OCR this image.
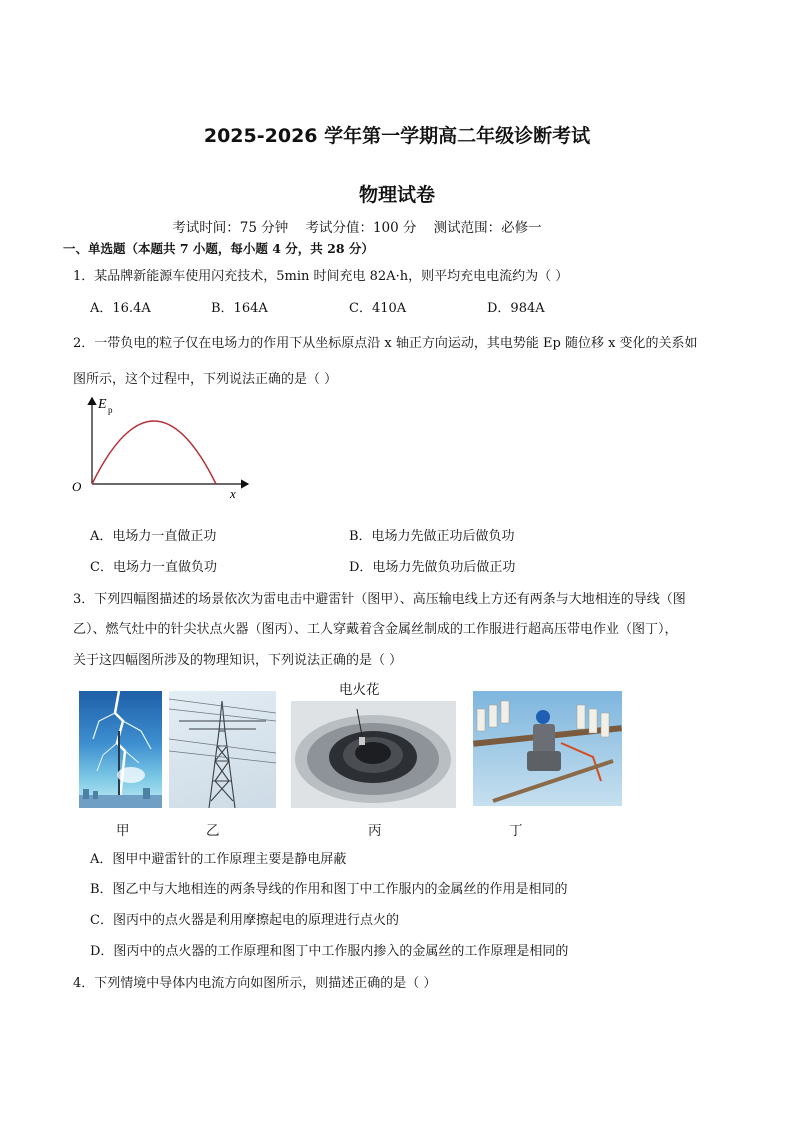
2025-2026 学年第一学期高二年级诊断考试
物理试卷
考试时间：75 分钟    考试分值：100 分    测试范围：必修一
一、单选题（本题共 7 小题，每小题 4 分，共 28 分）
1．某品牌新能源车使用闪充技术，5min 时间充电 82A·h，则平均充电电流约为（ ）
A．16.4A	B．164A	C．410A	D．984A
2．一带负电的粒子仅在电场力的作用下从坐标原点沿 x 轴正方向运动，其电势能 Ep 随位移 x 变化的关系如
图所示，这个过程中，下列说法正确的是（ ）
E p
x
O
A．电场力一直做正功	B．电场力先做正功后做负功
C．电场力一直做负功	D．电场力先做负功后做正功
3．下列四幅图描述的场景依次为雷电击中避雷针（图甲）、高压输电线上方还有两条与大地相连的导线（图
乙）、燃气灶中的针尖状点火器（图丙）、工人穿戴着含金属丝制成的工作服进行超高压带电作业（图丁），
关于这四幅图所涉及的物理知识，下列说法正确的是（ ）
电火花
甲	乙	丙	丁
A．图甲中避雷针的工作原理主要是静电屏蔽
B．图乙中与大地相连的两条导线的作用和图丁中工作服内的金属丝的作用是相同的
C．图丙中的点火器是利用摩擦起电的原理进行点火的
D．图丙中的点火器的工作原理和图丁中工作服内掺入的金属丝的工作原理是相同的
4．下列情境中导体内电流方向如图所示，则描述正确的是（ ）
